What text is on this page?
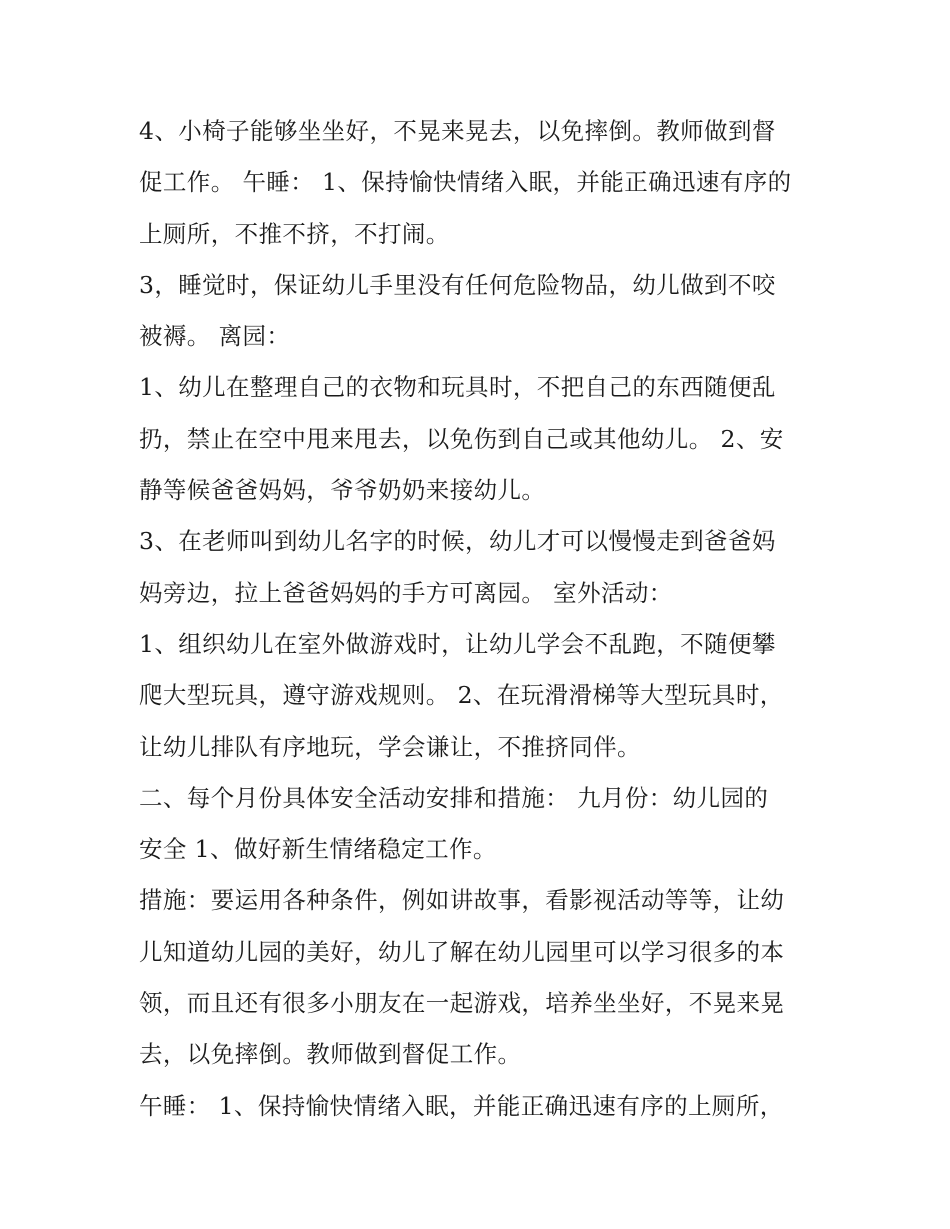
4、小椅子能够坐坐好，不晃来晃去，以免摔倒。教师做到督
促工作。 午睡： 1、保持愉快情绪入眠，并能正确迅速有序的
上厕所，不推不挤，不打闹。

3，睡觉时，保证幼儿手里没有任何危险物品，幼儿做到不咬
被褥。 离园：

1、幼儿在整理自己的衣物和玩具时，不把自己的东西随便乱
扔，禁止在空中甩来甩去，以免伤到自己或其他幼儿。 2、安
静等候爸爸妈妈，爷爷奶奶来接幼儿。

3、在老师叫到幼儿名字的时候，幼儿才可以慢慢走到爸爸妈
妈旁边，拉上爸爸妈妈的手方可离园。 室外活动：

1、组织幼儿在室外做游戏时，让幼儿学会不乱跑，不随便攀
爬大型玩具，遵守游戏规则。 2、在玩滑滑梯等大型玩具时，
让幼儿排队有序地玩，学会谦让，不推挤同伴。

二、每个月份具体安全活动安排和措施： 九月份：幼儿园的
安全 1、做好新生情绪稳定工作。

措施：要运用各种条件，例如讲故事，看影视活动等等，让幼
儿知道幼儿园的美好，幼儿了解在幼儿园里可以学习很多的本
领，而且还有很多小朋友在一起游戏，培养坐坐好，不晃来晃
去，以免摔倒。教师做到督促工作。

午睡： 1、保持愉快情绪入眠，并能正确迅速有序的上厕所，
